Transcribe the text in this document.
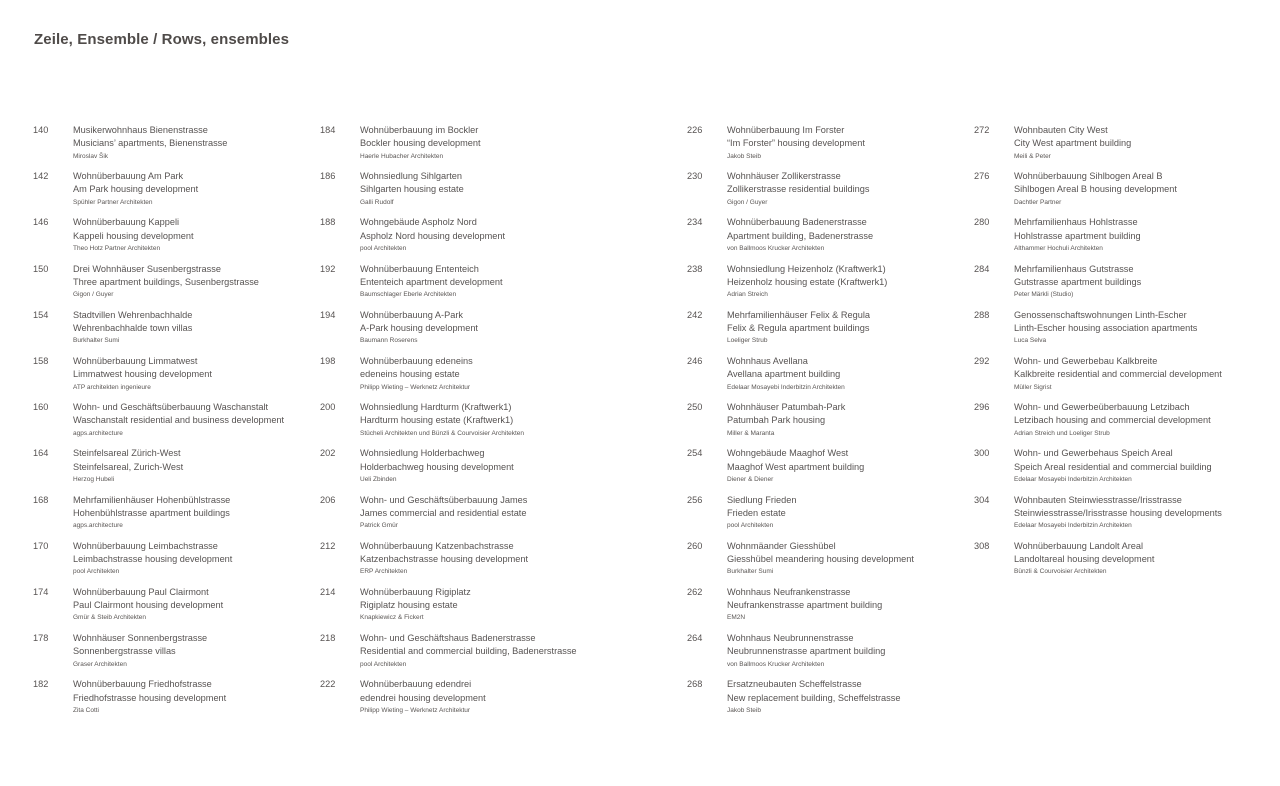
Zeile, Ensemble / Rows, ensembles
140	Musikerwohnhaus Bienenstrasse
Musicians’ apartments, Bienenstrasse
Miroslav Šik
142	Wohnüberbauung Am Park
Am Park housing development
Spühler Partner Architekten
146	Wohnüberbauung Kappeli
Kappeli housing development
Theo Hotz Partner Architekten
150	Drei Wohnhäuser Susenbergstrasse
Three apartment buildings, Susenbergstrasse
Gigon / Guyer
154	Stadtvillen Wehrenbachhalde
Wehrenbachhalde town villas
Burkhalter Sumi
158	Wohnüberbauung Limmatwest
Limmatwest housing development
ATP architekten ingenieure
160	Wohn- und Geschäftsüberbauung Waschanstalt
Waschanstalt residential and business development
agps.architecture
164	Steinfelsareal Zürich-West
Steinfelsareal, Zurich-West
Herzog Hubeli
168	Mehrfamilienhäuser Hohenbühlstrasse
Hohenbühlstrasse apartment buildings
agps.architecture
170	Wohnüberbauung Leimbachstrasse
Leimbachstrasse housing development
pool Architekten
174	Wohnüberbauung Paul Clairmont
Paul Clairmont housing development
Gmür & Steib Architekten
178	Wohnhäuser Sonnenbergstrasse
Sonnenbergstrasse villas
Graser Architekten
182	Wohnüberbauung Friedhofstrasse
Friedhofstrasse housing development
Zita Cotti
184	Wohnüberbauung im Bockler
Bockler housing development
Haerle Hubacher Architekten
186	Wohnsiedlung Sihlgarten
Sihlgarten housing estate
Galli Rudolf
188	Wohngebäude Aspholz Nord
Aspholz Nord housing development
pool Architekten
192	Wohnüberbauung Ententeich
Ententeich apartment development
Baumschlager Eberle Architekten
194	Wohnüberbauung A-Park
A-Park housing development
Baumann Roserens
198	Wohnüberbauung edeneins
edeneins housing estate
Philipp Wieting – Werknetz Architektur
200	Wohnsiedlung Hardturm (Kraftwerk1)
Hardturm housing estate (Kraftwerk1)
Stücheli Architekten und Bünzli & Courvoisier Architekten
202	Wohnsiedlung Holderbachweg
Holderbachweg housing development
Ueli Zbinden
206	Wohn- und Geschäftsüberbauung James
James commercial and residential estate
Patrick Gmür
212	Wohnüberbauung Katzenbachstrasse
Katzenbachstrasse housing development
ERP Architekten
214	Wohnüberbauung Rigiplatz
Rigiplatz housing estate
Knapkiewicz & Fickert
218	Wohn- und Geschäftshaus Badenerstrasse
Residential and commercial building, Badenerstrasse
pool Architekten
222	Wohnüberbauung edendrei
edendrei housing development
Philipp Wieting – Werknetz Architektur
226	Wohnüberbauung Im Forster
“Im Forster” housing development
Jakob Steib
230	Wohnhäuser Zollikerstrasse
Zollikerstrasse residential buildings
Gigon / Guyer
234	Wohnüberbauung Badenerstrasse
Apartment building, Badenerstrasse
von Ballmoos Krucker Architekten
238	Wohnsiedlung Heizenholz (Kraftwerk1)
Heizenholz housing estate (Kraftwerk1)
Adrian Streich
242	Mehrfamilienhäuser Felix & Regula
Felix & Regula apartment buildings
Loeliger Strub
246	Wohnhaus Avellana
Avellana apartment building
Edelaar Mosayebi Inderbitzin Architekten
250	Wohnhäuser Patumbah-Park
Patumbah Park housing
Miller & Maranta
254	Wohngebäude Maaghof West
Maaghof West apartment building
Diener & Diener
256	Siedlung Frieden
Frieden estate
pool Architekten
260	Wohnmäander Giesshübel
Giesshübel meandering housing development
Burkhalter Sumi
262	Wohnhaus Neufrankenstrasse
Neufrankenstrasse apartment building
EM2N
264	Wohnhaus Neubrunnenstrasse
Neubrunnenstrasse apartment building
von Ballmoos Krucker Architekten
268	Ersatzneubauten Scheffelstrasse
New replacement building, Scheffelstrasse
Jakob Steib
272	Wohnbauten City West
City West apartment building
Meili & Peter
276	Wohnüberbauung Sihlbogen Areal B
Sihlbogen Areal B housing development
Dachtler Partner
280	Mehrfamilienhaus Hohlstrasse
Hohlstrasse apartment building
Althammer Hochuli Architekten
284	Mehrfamilienhaus Gutstrasse
Gutstrasse apartment buildings
Peter Märkli (Studio)
288	Genossenschaftswohnungen Linth-Escher
Linth-Escher housing association apartments
Luca Selva
292	Wohn- und Gewerbebau Kalkbreite
Kalkbreite residential and commercial development
Müller Sigrist
296	Wohn- und Gewerbeüberbauung Letzibach
Letzibach housing and commercial development
Adrian Streich und Loeliger Strub
300	Wohn- und Gewerbehaus Speich Areal
Speich Areal residential and commercial building
Edelaar Mosayebi Inderbitzin Architekten
304	Wohnbauten Steinwiesstrasse/Irisstrasse
Steinwiesstrasse/Irisstrasse housing developments
Edelaar Mosayebi Inderbitzin Architekten
308	Wohnüberbauung Landolt Areal
Landoltareal housing development
Bünzli & Courvoisier Architekten
